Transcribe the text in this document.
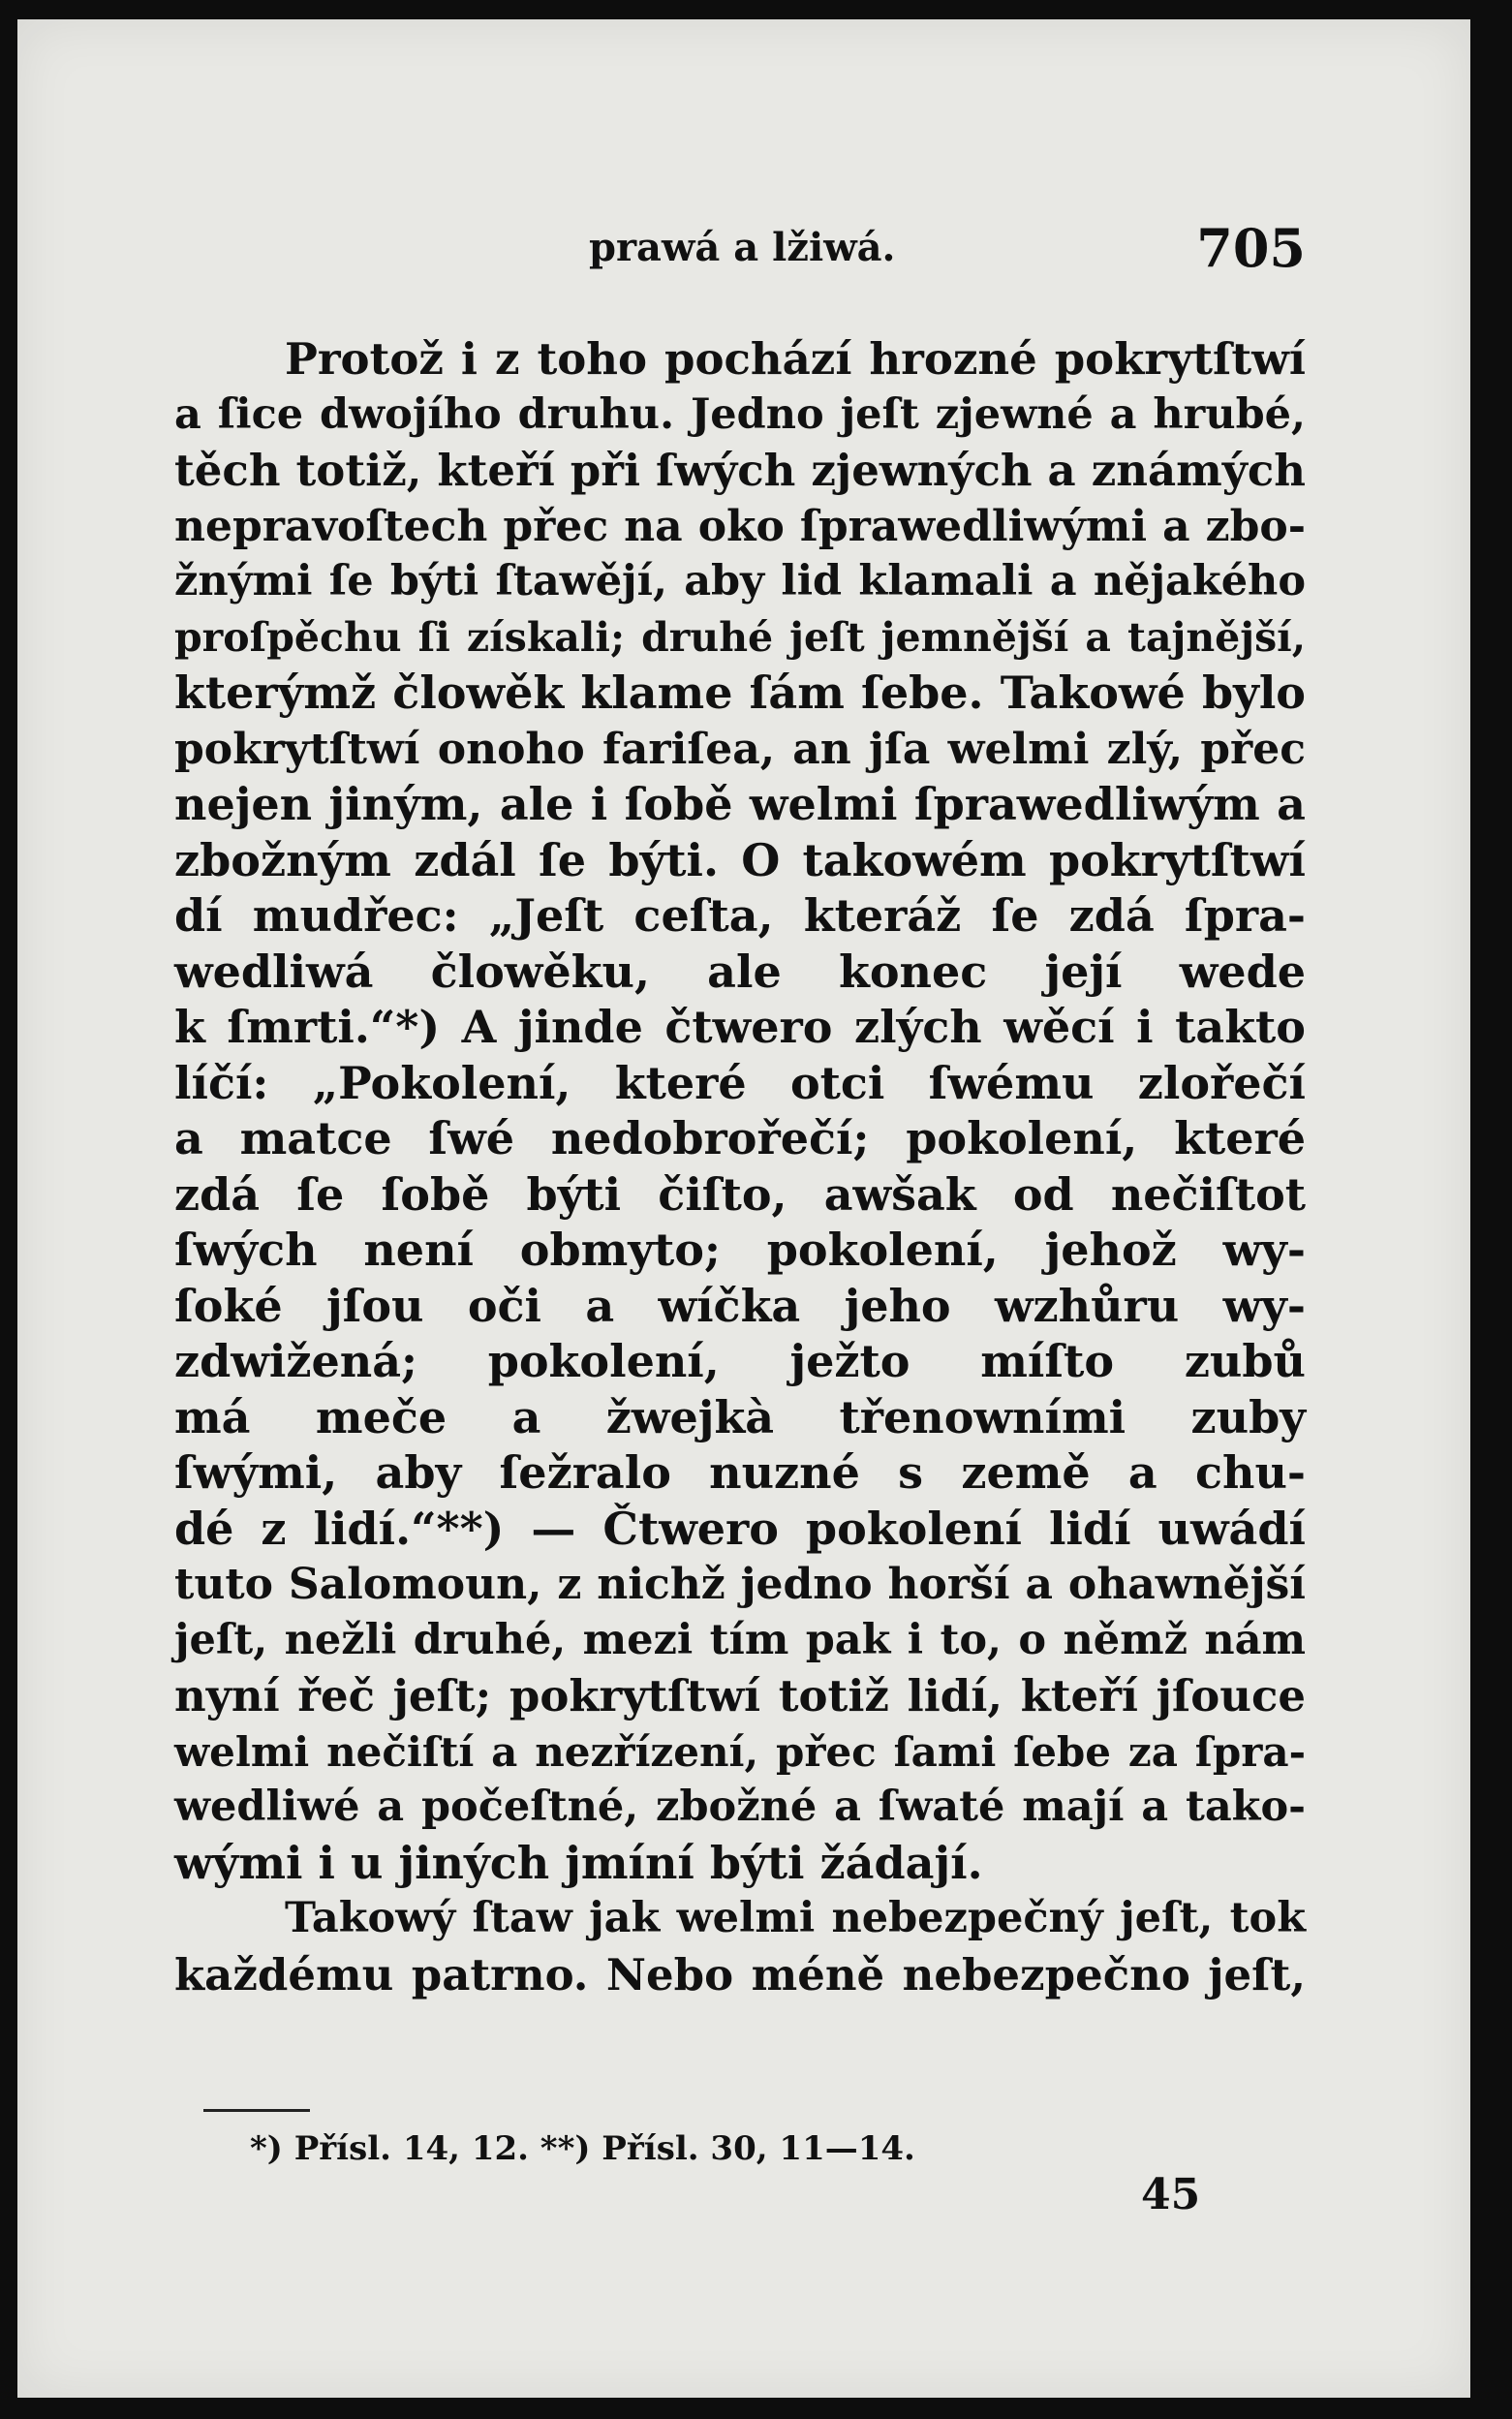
prawá a lžiwá.	705
Protož i z toho pochází hrozné pokrytſtwí
a ſice dwojího druhu. Jedno jeſt zjewné a hrubé,
těch totiž, kteří při ſwých zjewných a známých
nepravoſtech přec na oko ſprawedliwými a zbo-
žnými ſe býti ſtawějí, aby lid klamali a nějakého
proſpěchu ſi získali; druhé jeſt jemnější a tajnější,
kterýmž člowěk klame ſám ſebe. Takowé bylo
pokrytſtwí onoho fariſea, an jſa welmi zlý, přec
nejen jiným, ale i ſobě welmi ſprawedliwým a
zbožným zdál ſe býti. O takowém pokrytſtwí
dí mudřec: „Jeſt ceſta, kteráž ſe zdá ſpra-
wedliwá člowěku, ale konec její wede
k ſmrti.“*) A jinde čtwero zlých wěcí i takto
líčí: „Pokolení, které otci ſwému zlořečí
a matce ſwé nedobrořečí; pokolení, které
zdá ſe ſobě býti čiſto, awšak od nečiſtot
ſwých není obmyto; pokolení, jehož wy-
ſoké jſou oči a wíčka jeho wzhůru wy-
zdwižená; pokolení, ježto míſto zubů
má meče a žwejkà třenowními zuby
ſwými, aby ſežralo nuzné s země a chu-
dé z lidí.“**) — Čtwero pokolení lidí uwádí
tuto Salomoun, z nichž jedno horší a ohawnější
jeſt, nežli druhé, mezi tím pak i to, o němž nám
nyní řeč jeſt; pokrytſtwí totiž lidí, kteří jſouce
welmi nečiſtí a nezřízení, přec ſami ſebe za ſpra-
wedliwé a počeſtné, zbožné a ſwaté mají a tako-
wými i u jiných jmíní býti žádají.
Takowý ſtaw jak welmi nebezpečný jeſt, tok
každému patrno. Nebo méně nebezpečno jeſt,
*) Přísl. 14, 12. **) Přísl. 30, 11—14.
45
